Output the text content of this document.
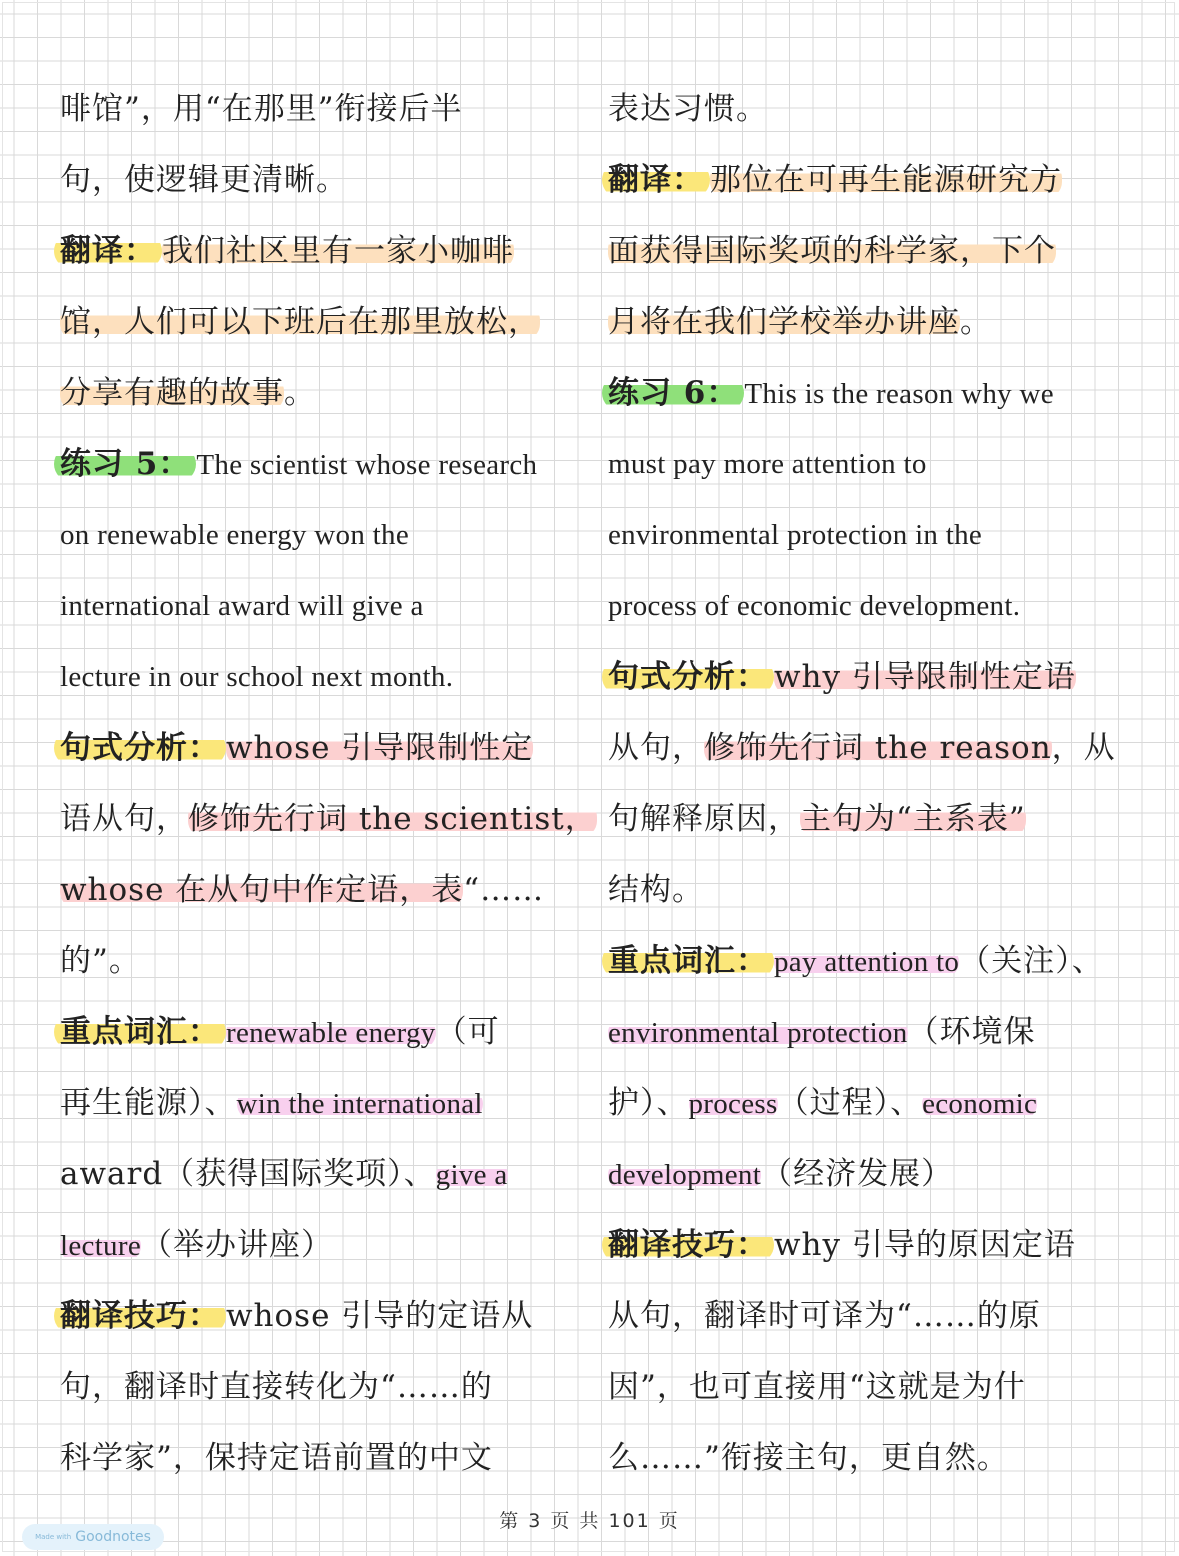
啡馆”，用“在那里”衔接后半
句，使逻辑更清晰。
翻译： 我们社区里有一家小咖啡
馆，人们可以下班后在那里放松，
分享有趣的故事。
练习 5： The scientist whose research
on renewable energy won the
international award will give a
lecture in our school next month.
句式分析： whose 引导限制性定
语从句，修饰先行词 the scientist，
whose 在从句中作定语，表“……
的”。
重点词汇： renewable energy（可
再生能源）、win the international
award（获得国际奖项）、give a
lecture（举办讲座）
翻译技巧： whose 引导的定语从
句，翻译时直接转化为“……的
科学家”，保持定语前置的中文
表达习惯。
翻译： 那位在可再生能源研究方
面获得国际奖项的科学家，下个
月将在我们学校举办讲座。
练习 6： This is the reason why we
must pay more attention to
environmental protection in the
process of economic development.
句式分析： why 引导限制性定语
从句，修饰先行词 the reason，从
句解释原因，主句为“主系表”
结构。
重点词汇： pay attention to（关注）、
environmental protection（环境保
护）、process（过程）、economic
development（经济发展）
翻译技巧： why 引导的原因定语
从句，翻译时可译为“……的原
因”，也可直接用“这就是为什
么……”衔接主句，更自然。
第 3 页 共 101 页
Made with Goodnotes
